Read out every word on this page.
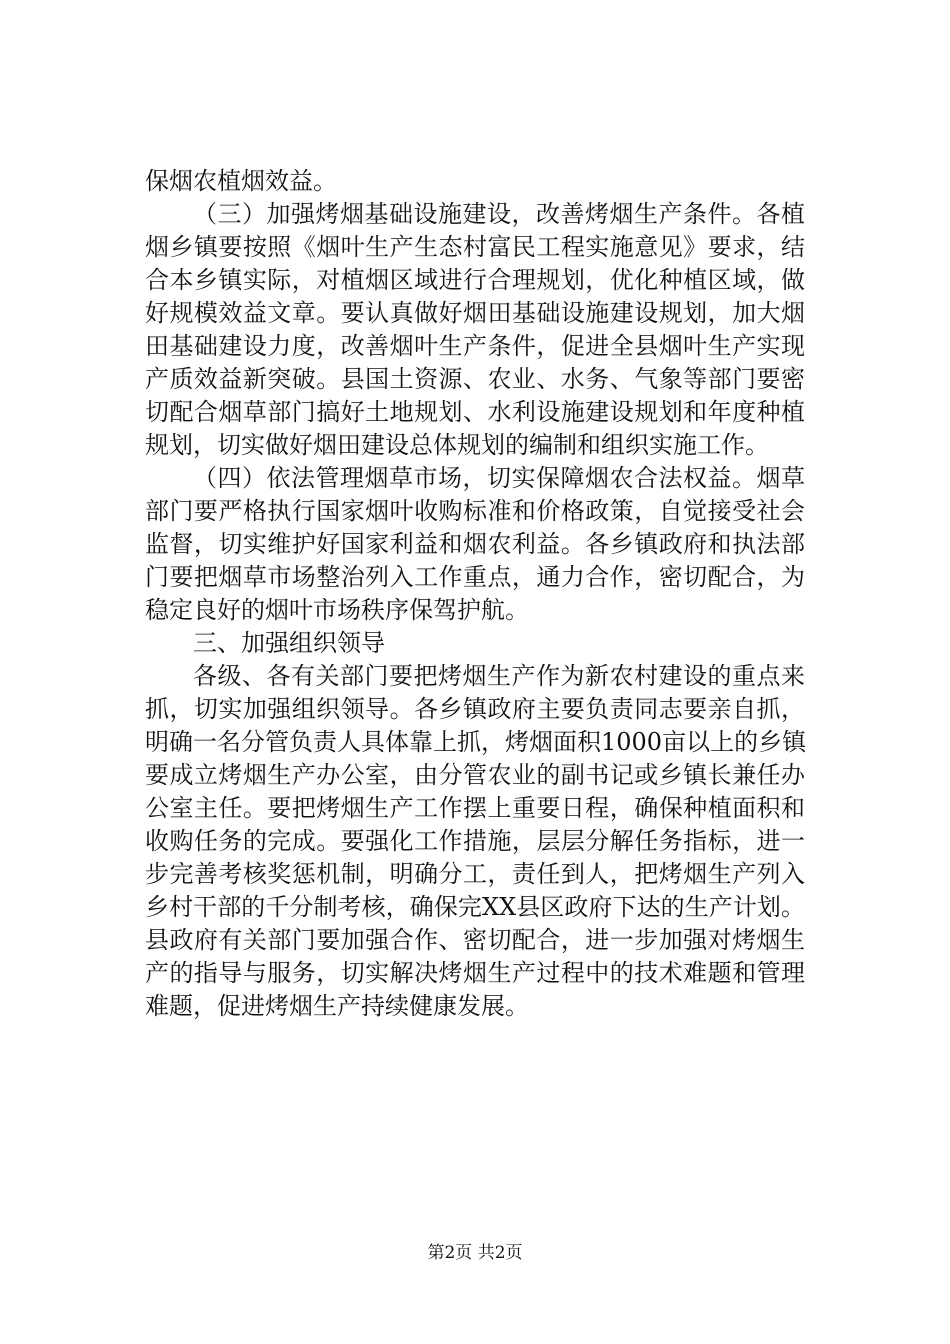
保烟农植烟效益。
（三）加强烤烟基础设施建设，改善烤烟生产条件。各植
烟乡镇要按照《烟叶生产生态村富民工程实施意见》要求，结
合本乡镇实际，对植烟区域进行合理规划，优化种植区域，做
好规模效益文章。要认真做好烟田基础设施建设规划，加大烟
田基础建设力度，改善烟叶生产条件，促进全县烟叶生产实现
产质效益新突破。县国土资源、农业、水务、气象等部门要密
切配合烟草部门搞好土地规划、水利设施建设规划和年度种植
规划，切实做好烟田建设总体规划的编制和组织实施工作。
（四）依法管理烟草市场，切实保障烟农合法权益。烟草
部门要严格执行国家烟叶收购标准和价格政策，自觉接受社会
监督，切实维护好国家利益和烟农利益。各乡镇政府和执法部
门要把烟草市场整治列入工作重点，通力合作，密切配合，为
稳定良好的烟叶市场秩序保驾护航。
三、加强组织领导
各级、各有关部门要把烤烟生产作为新农村建设的重点来
抓，切实加强组织领导。各乡镇政府主要负责同志要亲自抓，
明确一名分管负责人具体靠上抓，烤烟面积1000亩以上的乡镇
要成立烤烟生产办公室，由分管农业的副书记或乡镇长兼任办
公室主任。要把烤烟生产工作摆上重要日程，确保种植面积和
收购任务的完成。要强化工作措施，层层分解任务指标，进一
步完善考核奖惩机制，明确分工，责任到人，把烤烟生产列入
乡村干部的千分制考核，确保完XX县区政府下达的生产计划。
县政府有关部门要加强合作、密切配合，进一步加强对烤烟生
产的指导与服务，切实解决烤烟生产过程中的技术难题和管理
难题，促进烤烟生产持续健康发展。
第2页 共2页
